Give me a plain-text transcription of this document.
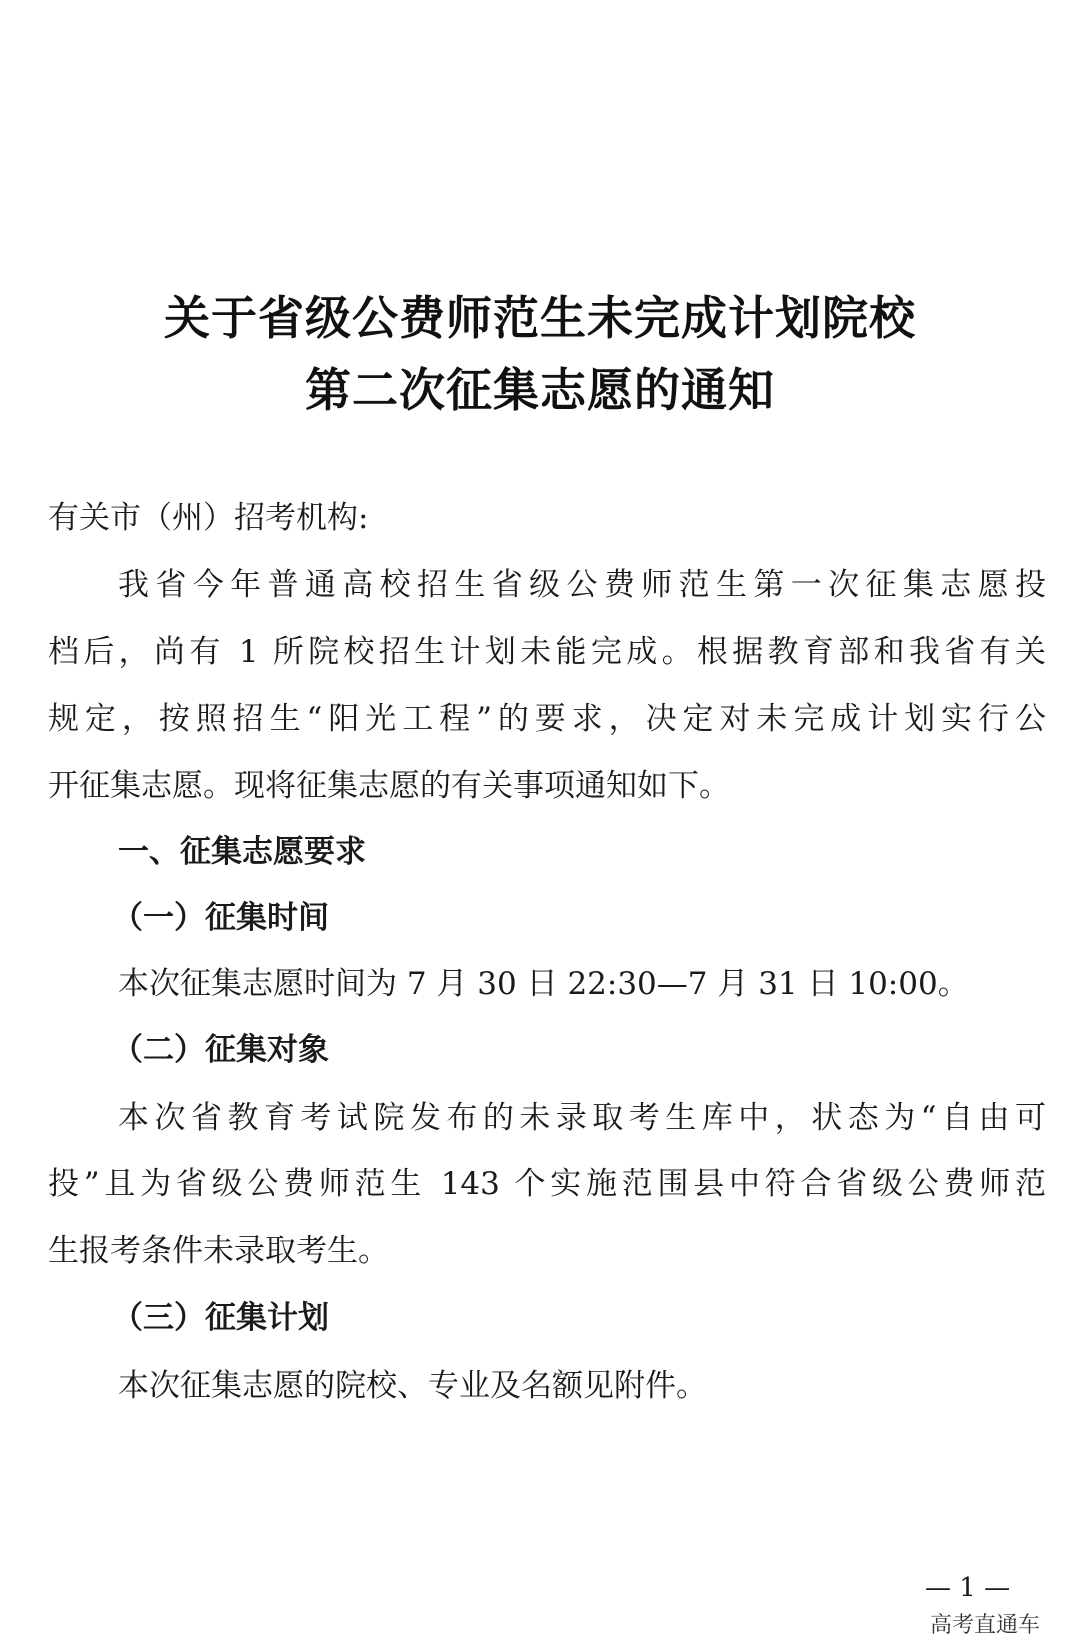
关于省级公费师范生未完成计划院校
第二次征集志愿的通知
有关市（州）招考机构:
我省今年普通高校招生省级公费师范生第一次征集志愿投
档后，尚有 1 所院校招生计划未能完成。根据教育部和我省有关
规定，按照招生“阳光工程”的要求，决定对未完成计划实行公
开征集志愿。现将征集志愿的有关事项通知如下。
一、征集志愿要求
（一）征集时间
本次征集志愿时间为 7 月 30 日 22:30—7 月 31 日 10:00。
（二）征集对象
本次省教育考试院发布的未录取考生库中，状态为“自由可
投”且为省级公费师范生 143 个实施范围县中符合省级公费师范
生报考条件未录取考生。
（三）征集计划
本次征集志愿的院校、专业及名额见附件。
— 1 —
高考直通车
